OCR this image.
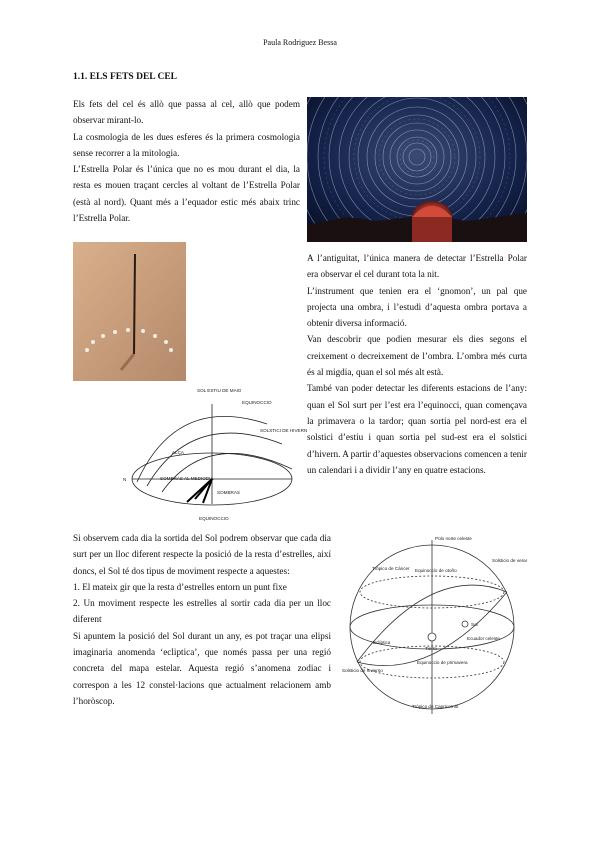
Paula Rodriguez Bessa
1.1. ELS FETS DEL CEL

Els fets del cel és allò que passa al cel, allò que podem observar mirant-lo.

La cosmologia de les dues esferes és la primera cosmologia sense recorrer a la mitologia.

L’Estrella Polar és l’única que no es mou durant el dia, la resta es mouen traçant cercles al voltant de l’Estrella Polar (està al nord). Quant més a l’equador estic més abaix trinc l’Estrella Polar.

SOL ESTIU DE MAIG
EQUINOCCIO
SOLSTICI DE HIVERN
ALÇA
SOMBRAS AL MEDIODIA
SOMBRAS
EQUINOCCIO
N

A l’antiguitat, l’única manera de detectar l’Estrella Polar era observar el cel durant tota la nit.

L’instrument que tenien era el ‘gnomon’, un pal que projecta una ombra, i l’estudi d’aquesta ombra portava a obtenir diversa informació.

Van descobrir que podien mesurar els dies segons el creixement o decreixement de l’ombra. L’ombra més curta és al migdia, quan el sol més alt està.

També van poder detectar les diferents estacions de l’any: quan el Sol surt per l’est era l’equinocci, quan començava la primavera o la tardor; quan sortia pel nord-est era el solstici d’estiu i quan sortia pel sud-est era el solstici d’hivern. A partir d’aquestes observacions comencen a tenir un calendari i a dividir l’any en quatre estacions.

Si observem cada dia la sortida del Sol podrem observar que cada dia surt per un lloc diferent respecte la posició de la resta d’estrelles, així doncs, el Sol té dos tipus de moviment respecte a aquestes:

1. El mateix gir que la resta d’estrelles entorn un punt fixe

2. Un moviment respecte les estrelles al sortir cada dia per un lloc diferent

Si apuntem la posició del Sol durant un any, es pot traçar una elipsi imaginaria anomenda ‘ecliptica’, que només passa per una regió concreta del mapa estelar. Aquesta regió s’anomena zodiac i correspon a les 12 constel·lacions que actualment relacionem amb l’horòscop.

Polo norte celeste
Trópico de Cáncer Equinoccio de otoño
Solsticio de verano
Sol
Tierra
Ecuador celeste
Eclíptica
Equinoccio de primavera
Solsticio de invierno
Trópico de Capricornio
